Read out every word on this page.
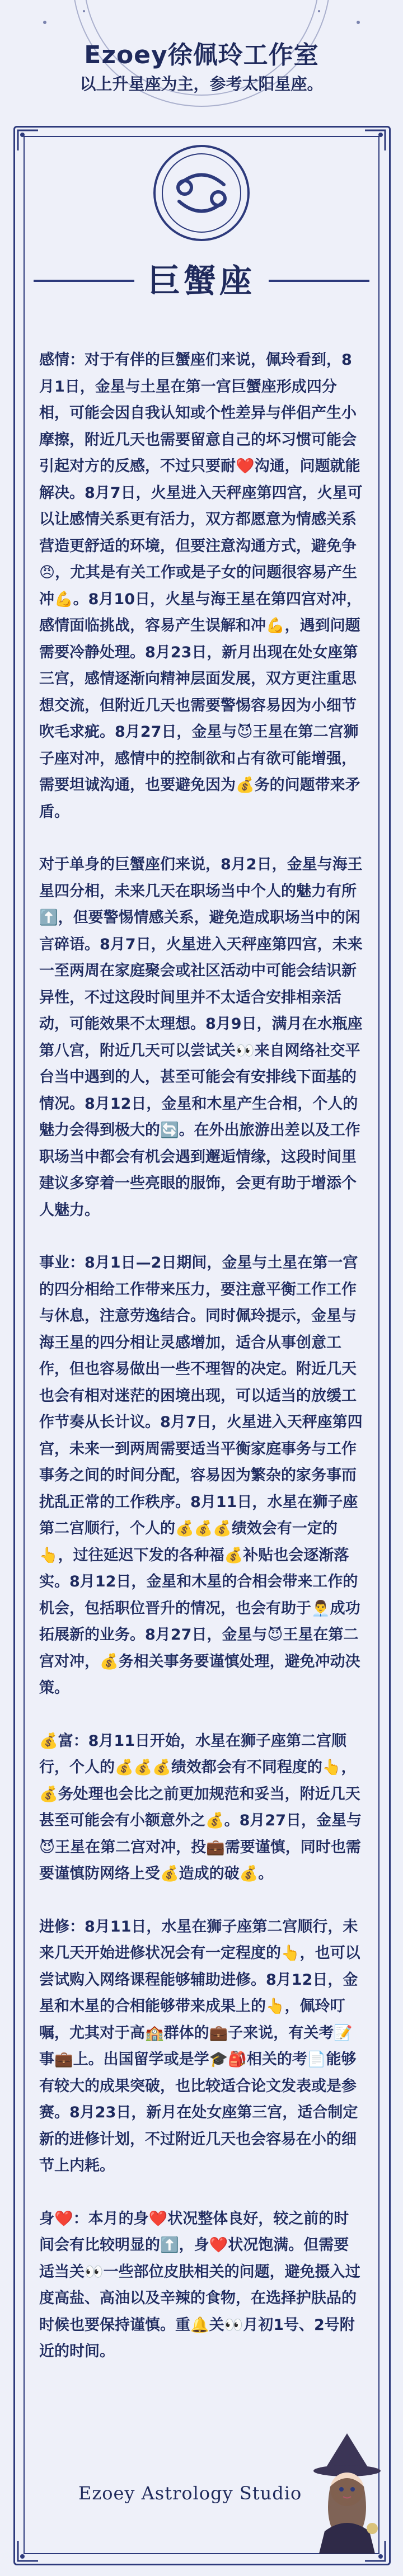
Ezoey徐佩玲工作室
以上升星座为主，参考太阳星座。
巨蟹座

感情：对于有伴的巨蟹座们来说，佩玲看到，8月1日，金星与土星在第一宫巨蟹座形成四分相，可能会因自我认知或个性差异与伴侣产生小摩擦，附近几天也需要留意自己的坏习惯可能会引起对方的反感，不过只要耐❤️沟通，问题就能解决。8月7日，火星进入天秤座第四宫，火星可以让感情关系更有活力，双方都愿意为情感关系营造更舒适的环境，但要注意沟通方式，避免争😠，尤其是有关工作或是子女的问题很容易产生冲💪。8月10日，火星与海王星在第四宫对冲，感情面临挑战，容易产生误解和冲💪，遇到问题需要冷静处理。8月23日，新月出现在处女座第三宫，感情逐渐向精神层面发展，双方更注重思想交流，但附近几天也需要警惕容易因为小细节吹毛求疵。8月27日，金星与😈王星在第二宫狮子座对冲，感情中的控制欲和占有欲可能增强，需要坦诚沟通，也要避免因为💰务的问题带来矛盾。

对于单身的巨蟹座们来说，8月2日，金星与海王星四分相，未来几天在职场当中个人的魅力有所⬆️，但要警惕情感关系，避免造成职场当中的闲言碎语。8月7日，火星进入天秤座第四宫，未来一至两周在家庭聚会或社区活动中可能会结识新异性，不过这段时间里并不太适合安排相亲活动，可能效果不太理想。8月9日，满月在水瓶座第八宫，附近几天可以尝试关👀来自网络社交平台当中遇到的人，甚至可能会有安排线下面基的情况。8月12日，金星和木星产生合相，个人的魅力会得到极大的🔄。在外出旅游出差以及工作职场当中都会有机会遇到邂逅情缘，这段时间里建议多穿着一些亮眼的服饰，会更有助于增添个人魅力。

事业：8月1日—2日期间，金星与土星在第一宫的四分相给工作带来压力，要注意平衡工作工作与休息，注意劳逸结合。同时佩玲提示，金星与海王星的四分相让灵感增加，适合从事创意工作，但也容易做出一些不理智的决定。附近几天也会有相对迷茫的困境出现，可以适当的放缓工作节奏从长计议。8月7日，火星进入天秤座第四宫，未来一到两周需要适当平衡家庭事务与工作事务之间的时间分配，容易因为繁杂的家务事而扰乱正常的工作秩序。8月11日，水星在狮子座第二宫顺行，个人的💰💰💰绩效会有一定的👆，过往延迟下发的各种福💰补贴也会逐渐落实。8月12日，金星和木星的合相会带来工作的机会，包括职位晋升的情况，也会有助于👨‍💼成功拓展新的业务。8月27日，金星与😈王星在第二宫对冲，💰务相关事务要谨慎处理，避免冲动决策。

💰富：8月11日开始，水星在狮子座第二宫顺行，个人的💰💰💰绩效都会有不同程度的👆，💰务处理也会比之前更加规范和妥当，附近几天甚至可能会有小额意外之💰。8月27日，金星与😈王星在第二宫对冲，投💼需要谨慎，同时也需要谨慎防网络上受💰造成的破💰。

进修：8月11日，水星在狮子座第二宫顺行，未来几天开始进修状况会有一定程度的👆，也可以尝试购入网络课程能够辅助进修。8月12日，金星和木星的合相能够带来成果上的👆，佩玲叮嘱，尤其对于高🏫群体的💼子来说，有关考📝事💼上。出国留学或是学🎓🎒相关的考📄能够有较大的成果突破，也比较适合论文发表或是参赛。8月23日，新月在处女座第三宫，适合制定新的进修计划，不过附近几天也会容易在小的细节上内耗。

身❤️：本月的身❤️状况整体良好，较之前的时间会有比较明显的⬆️，身❤️状况饱满。但需要适当关👀一些部位皮肤相关的问题，避免摄入过度高盐、高油以及辛辣的食物，在选择护肤品的时候也要保持谨慎。重🔔关👀月初1号、2号附近的时间。

Ezoey Astrology Studio
